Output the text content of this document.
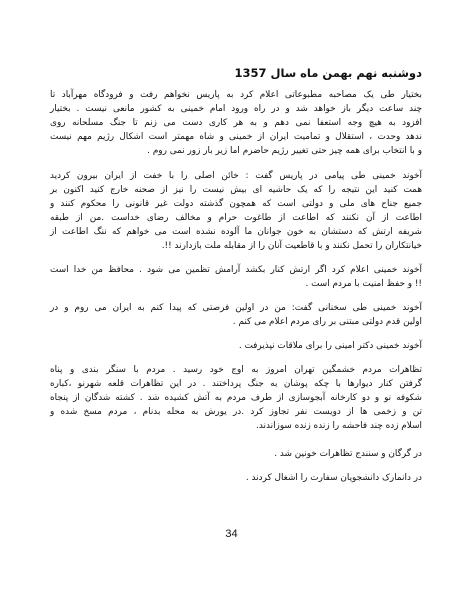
دوشنبه نهم بهمن ماه سال 1357
بختیار طی یک مصاحبه مطبوعاتی اعلام کرد به پاریس نخواهم رفت و فرودگاه مهرآباد تا
چند ساعت دیگر باز خواهد شد و در راه ورود امام خمینی به کشور مانعی نیست . بختیار
افزود به هیچ وجه استعفا نمی دهم و به هر کاری دست می زنم تا جنگ مسلحانه روی
ندهد وحدت ، استقلال و تمامیت ایران از خمینی و شاه مهمتر است اشکال رژیم مهم نیست
و با انتخاب برای همه چیز حتی تغییر رژیم حاضرم اما زیر بار زور نمی روم .
آخوند خمینی طی پیامی در پاریس گفت : خائن اصلی را با خفت از ایران بیرون کردید
همت کنید این نتیجه را که یک حاشیه ای بیش نیست را نیز از صحنه خارج کنید اکنون بر
جمیع جناح های ملی و دولتی است که همچون گذشته دولت غیر قانونی را محکوم کنند و
اطاعت از آن نکنند که اطاعت از طاغوت حرام و مخالف رضای خداست .من از طبقه
شریفه ارتش که دستشان به خون جوانان ما آلوده نشده است می خواهم که ننگ اطاعت از
خیانتکاران را تحمل نکنند و با قاطعیت آنان را از مقابله ملت بازدارند !!.
آخوند خمینی اعلام کرد اگر ارتش کنار بکشد آرامش تظمین می شود . محافظ من خدا است
!! و حفظ امنیت با مردم است .
آخوند خمینی طی سخنانی گفت: من در اولین فرصتی که پیدا کنم به ایران می روم و در
اولین قدم دولتی مبتنی بر رای مردم اعلام می کنم .
آخوند خمینی دکتر امینی را برای ملاقات نپذیرفت .
تظاهرات مردم خشمگین تهران امروز به اوج خود رسید . مردم با سنگر بندی و پناه
گرفتن کنار دیوارها با چکه پوشان به جنگ پرداختند . در این تظاهرات قلعه شهرنو ،کباره
شکوفه نو و دو کارخانه آبجوسازی از طرف مردم به آتش کشیده شد . کشته شدگان از پنجاه
تن و زخمی ها از دویست نفر تجاوز کرد .در یورش به محله بدنام ، مردم مسخ شده و
اسلام زده چند فاحشه را زنده زنده سوزاندند.
در گرگان و سنندج تظاهرات خونین شد .
در دانمارک دانشجویان سفارت را اشغال کردند .
34
